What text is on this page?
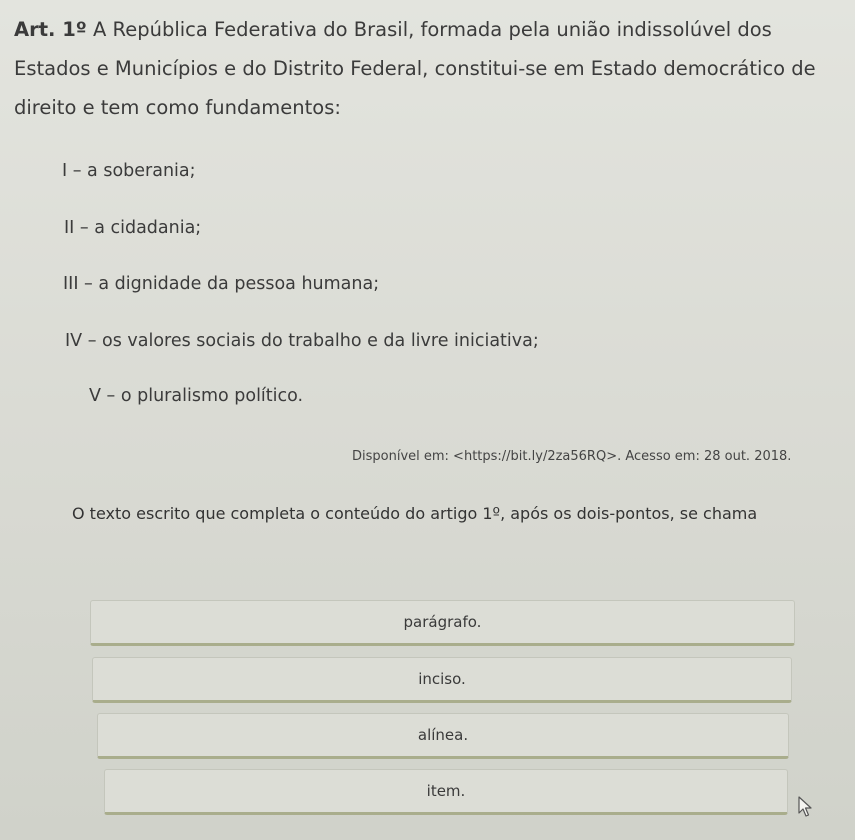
Art. 1º A República Federativa do Brasil, formada pela união indissolúvel dos Estados e Municípios e do Distrito Federal, constitui-se em Estado democrático de direito e tem como fundamentos:
I – a soberania;
II – a cidadania;
III – a dignidade da pessoa humana;
IV – os valores sociais do trabalho e da livre iniciativa;
V – o pluralismo político.
Disponível em: <https://bit.ly/2za56RQ>. Acesso em: 28 out. 2018.
O texto escrito que completa o conteúdo do artigo 1º, após os dois-pontos, se chama
parágrafo.
inciso.
alínea.
item.
